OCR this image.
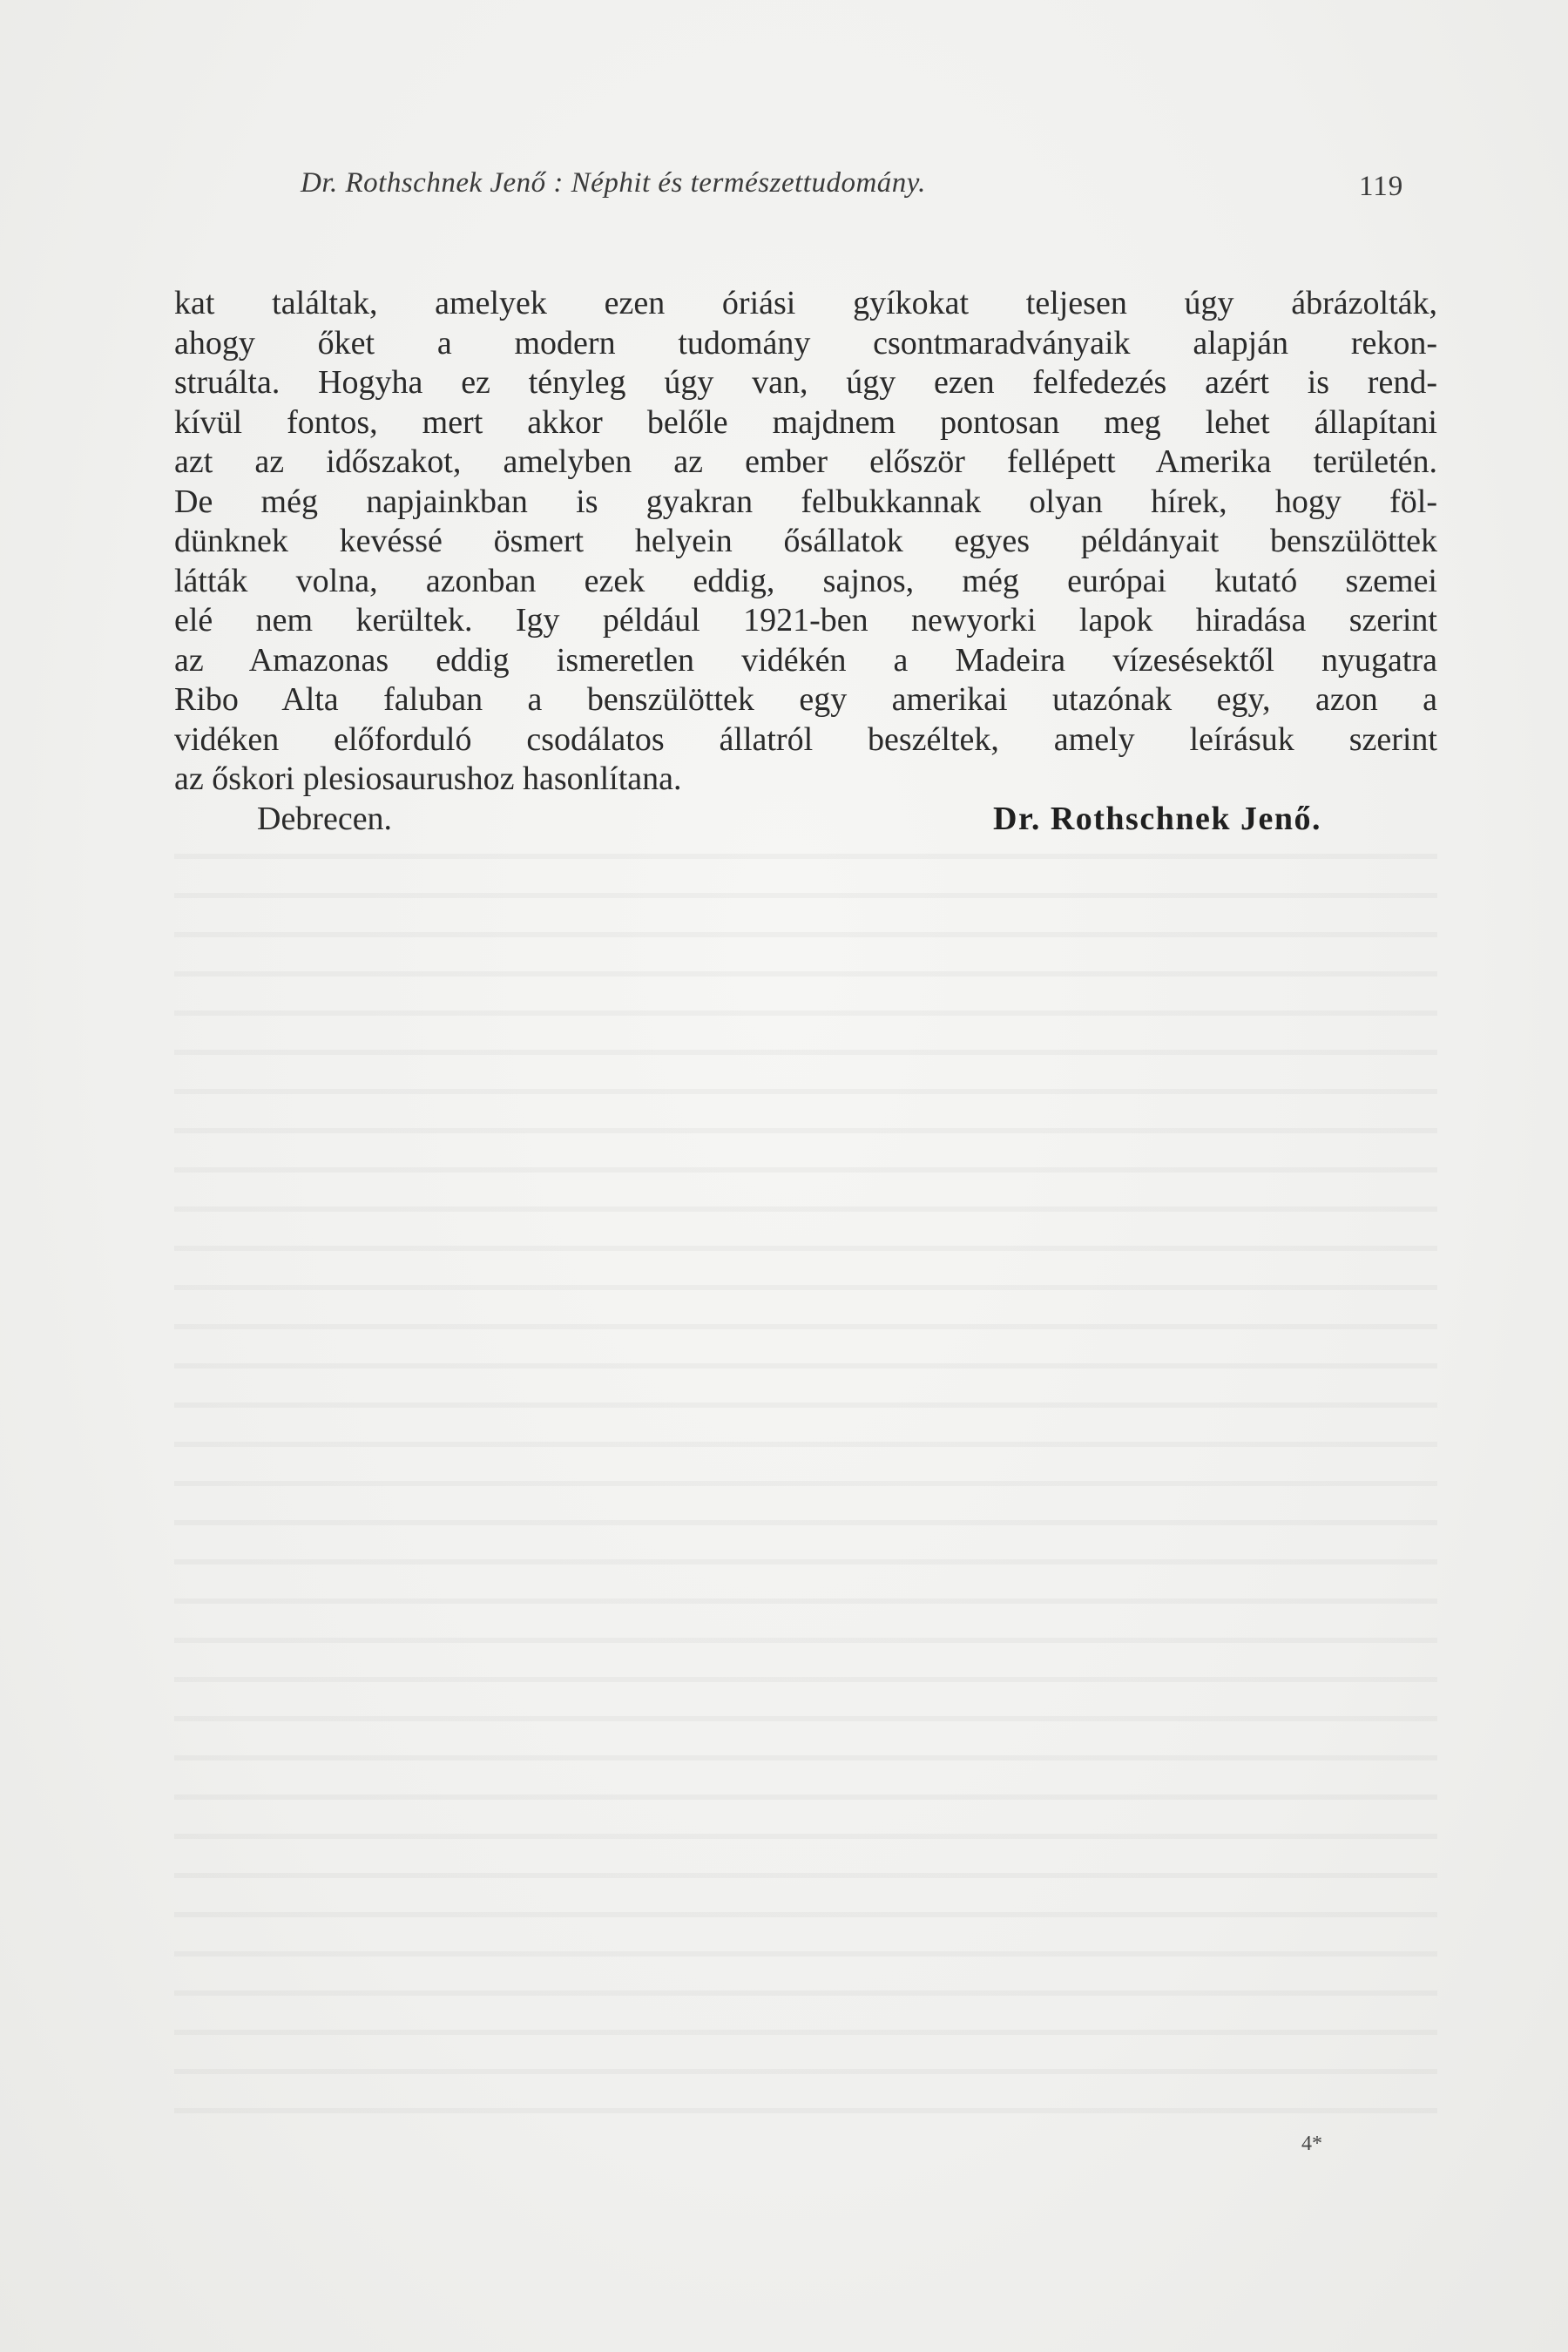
Dr. Rothschnek Jenő : Néphit és természettudomány.	119
kat találtak, amelyek ezen óriási gyíkokat teljesen úgy ábrázolták,
ahogy őket a modern tudomány csontmaradványaik alapján rekon-
struálta. Hogyha ez tényleg úgy van, úgy ezen felfedezés azért is rend-
kívül fontos, mert akkor belőle majdnem pontosan meg lehet állapítani
azt az időszakot, amelyben az ember először fellépett Amerika területén.
De még napjainkban is gyakran felbukkannak olyan hírek, hogy föl-
dünknek kevéssé ösmert helyein ősállatok egyes példányait benszülöttek
látták volna, azonban ezek eddig, sajnos, még európai kutató szemei
elé nem kerültek. Igy például 1921-ben newyorki lapok hiradása szerint
az Amazonas eddig ismeretlen vidékén a Madeira vízesésektől nyugatra
Ribo Alta faluban a benszülöttek egy amerikai utazónak egy, azon a
vidéken előforduló csodálatos állatról beszéltek, amely leírásuk szerint
az őskori plesiosaurushoz hasonlítana.
Debrecen.	Dr. Rothschnek Jenő.
4*
